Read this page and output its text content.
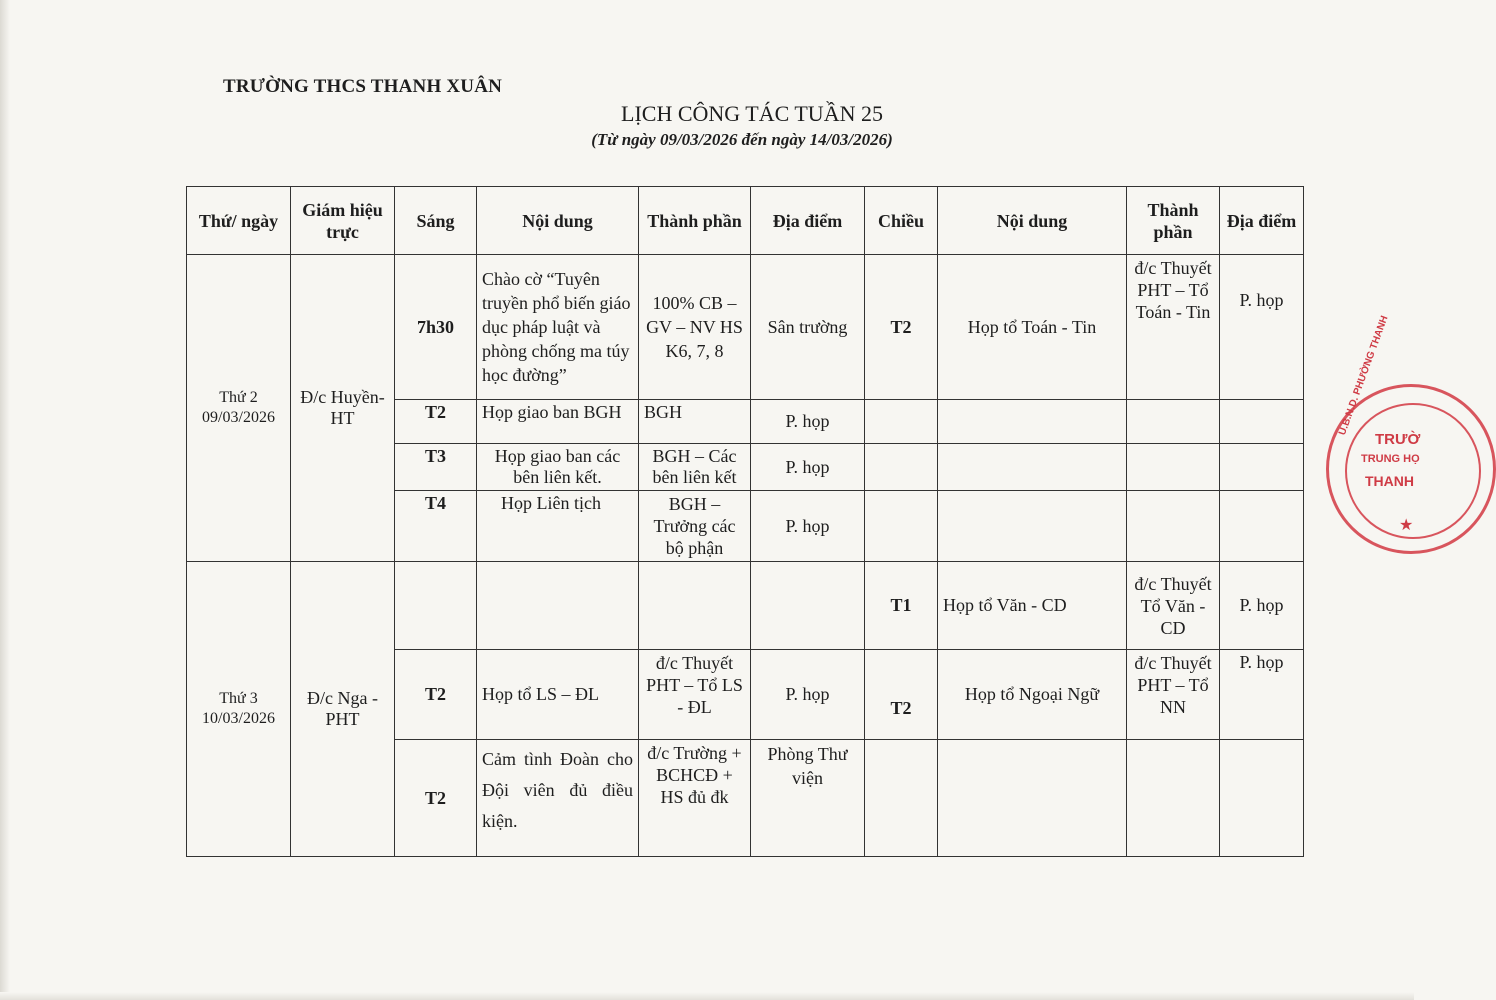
TRƯỜNG THCS THANH XUÂN
LỊCH CÔNG TÁC TUẦN 25
(Từ ngày 09/03/2026 đến ngày 14/03/2026)
Thứ/ ngày	Giám hiệu trực	Sáng	Nội dung	Thành phần	Địa điểm	Chiều	Nội dung	Thành phần	Địa điểm

Thứ 2
09/03/2026	Đ/c Huyền-HT	7h30	Chào cờ “Tuyên truyền phổ biến giáo dục pháp luật và phòng chống ma túy học đường”	100% CB – GV – NV HS K6, 7, 8	Sân trường	T2	Họp tổ Toán - Tin	đ/c Thuyết PHT – Tổ Toán - Tin	P. họp
		T2	Họp giao ban BGH	BGH	P. họp				
		T3	Họp giao ban các bên liên kết.	BGH – Các bên liên kết	P. họp				
		T4	Họp Liên tịch	BGH – Trưởng các bộ phận	P. họp				

Thứ 3
10/03/2026	Đ/c Nga - PHT					T1	Họp tổ Văn - CD	đ/c Thuyết Tổ Văn - CD	P. họp
		T2	Họp tổ LS – ĐL	đ/c Thuyết PHT – Tổ LS - ĐL	P. họp	T2	Họp tổ Ngoại Ngữ	đ/c Thuyết PHT – Tổ NN	P. họp
		T2	Cảm tình Đoàn cho Đội viên đủ điều kiện.	đ/c Trường + BCHCĐ + HS đủ đk	Phòng Thư viện				
U.B.N.D. PHƯỜNG THANH
TRƯỜ
TRUNG HỌ
THANH
★
